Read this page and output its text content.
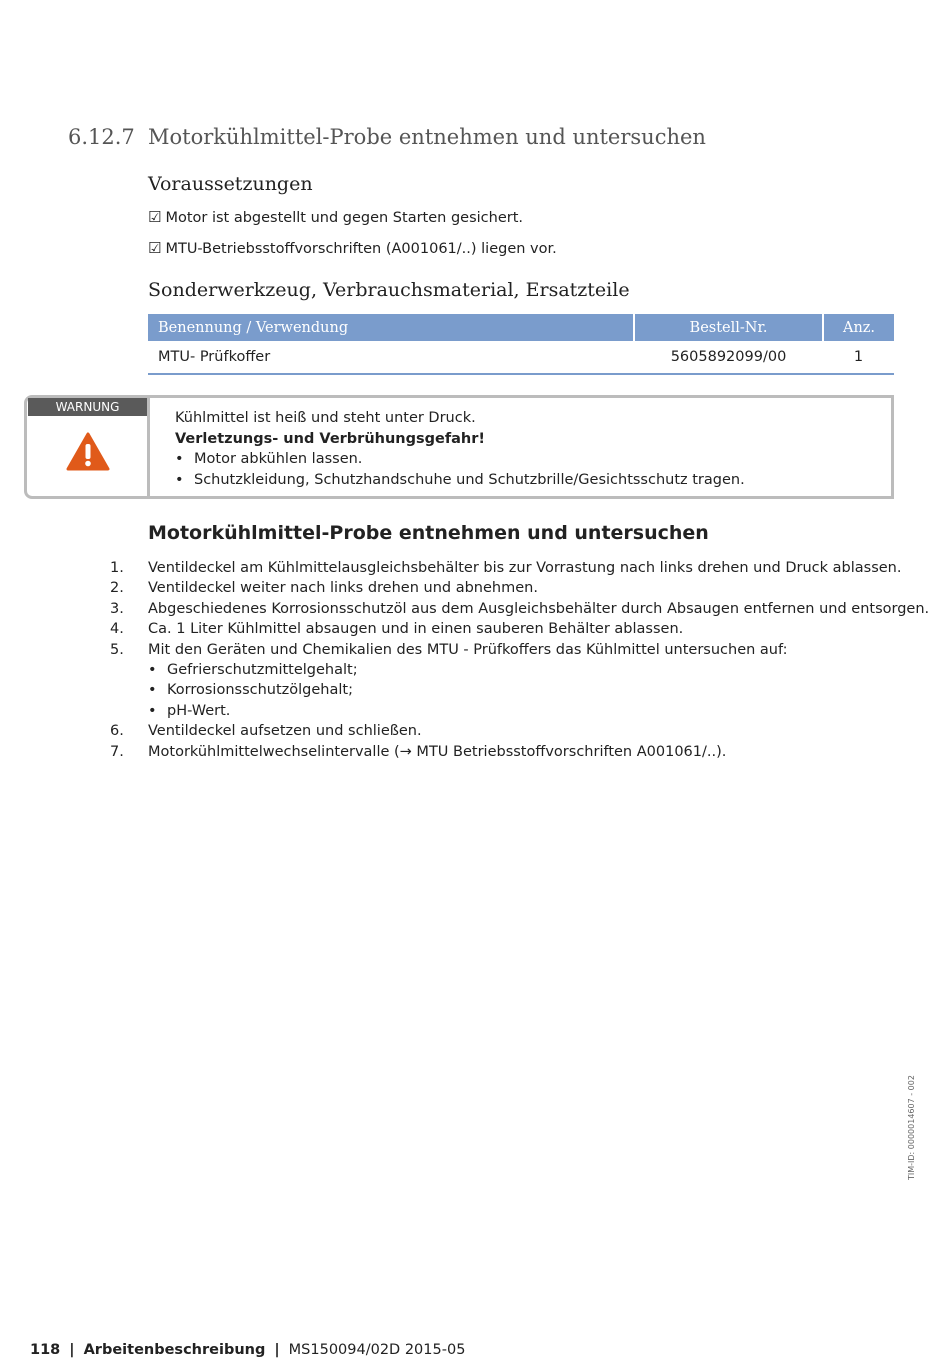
6.12.7 Motorkühlmittel-Probe entnehmen und untersuchen
Voraussetzungen
☑ Motor ist abgestellt und gegen Starten gesichert.
☑ MTU-Betriebsstoffvorschriften (A001061/..) liegen vor.
Sonderwerkzeug, Verbrauchsmaterial, Ersatzteile
Benennung / Verwendung	Bestell-Nr.	Anz.
MTU- Prüfkoffer	5605892099/00	1
WARNUNG
Kühlmittel ist heiß und steht unter Druck.
Verletzungs- und Verbrühungsgefahr!
• Motor abkühlen lassen.
• Schutzkleidung, Schutzhandschuhe und Schutzbrille/Gesichtsschutz tragen.
Motorkühlmittel-Probe entnehmen und untersuchen
1.	Ventildeckel am Kühlmittelausgleichsbehälter bis zur Vorrastung nach links drehen und Druck ablassen.
2.	Ventildeckel weiter nach links drehen und abnehmen.
3.	Abgeschiedenes Korrosionsschutzöl aus dem Ausgleichsbehälter durch Absaugen entfernen und entsorgen.
4.	Ca. 1 Liter Kühlmittel absaugen und in einen sauberen Behälter ablassen.
5.	Mit den Geräten und Chemikalien des MTU - Prüfkoffers das Kühlmittel untersuchen auf:
• Gefrierschutzmittelgehalt;
• Korrosionsschutzölgehalt;
• pH-Wert.
6.	Ventildeckel aufsetzen und schließen.
7.	Motorkühlmittelwechselintervalle (→ MTU Betriebsstoffvorschriften A001061/..).
TIM-ID: 0000014607 - 002
118 | Arbeitenbeschreibung | MS150094/02D 2015-05
